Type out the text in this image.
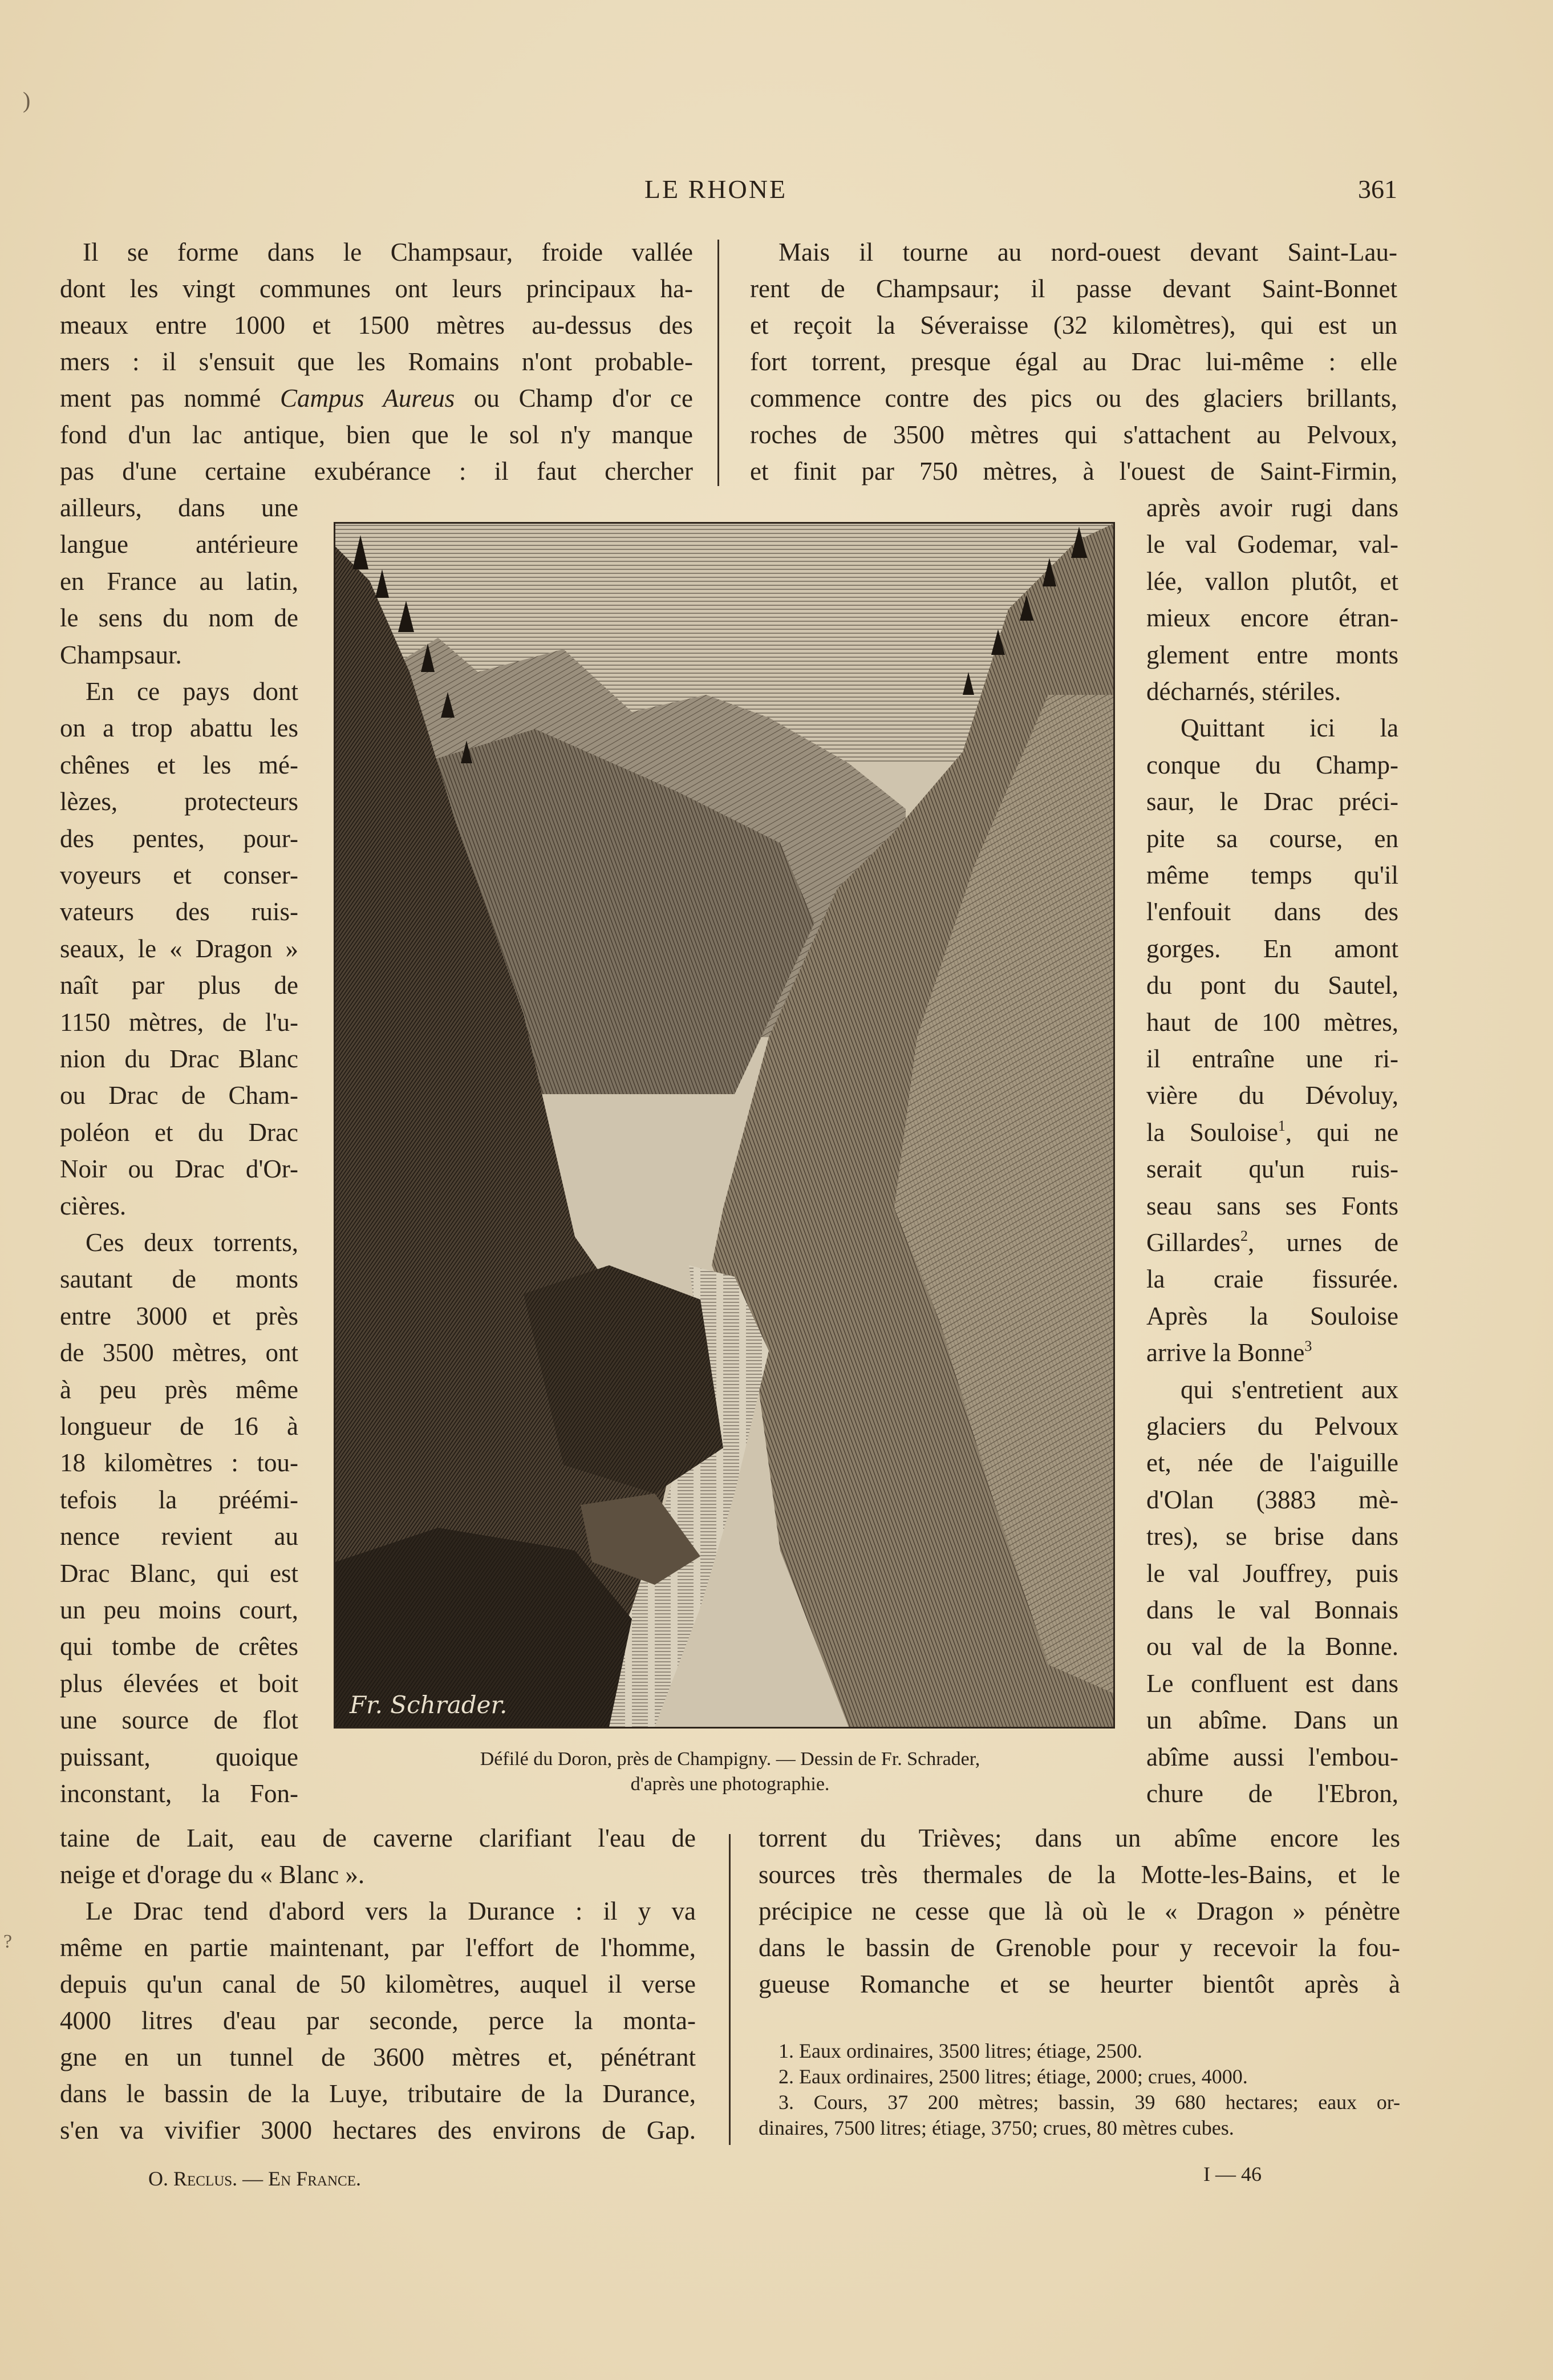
)
?
LE RHONE	361
Il se forme dans le Champsaur, froide vallée
dont les vingt communes ont leurs principaux ha-
meaux entre 1000 et 1500 mètres au-dessus des
mers : il s'ensuit que les Romains n'ont probable-
ment pas nommé Campus Aureus ou Champ d'or ce
fond d'un lac antique, bien que le sol n'y manque
pas d'une certaine exubérance : il faut chercher
ailleurs, dans une
langue antérieure
en France au latin,
le sens du nom de
Champsaur.
En ce pays dont
on a trop abattu les
chênes et les mé-
lèzes, protecteurs
des pentes, pour-
voyeurs et conser-
vateurs des ruis-
seaux, le « Dragon »
naît par plus de
1150 mètres, de l'u-
nion du Drac Blanc
ou Drac de Cham-
poléon et du Drac
Noir ou Drac d'Or-
cières.
Ces deux torrents,
sautant de monts
entre 3000 et près
de 3500 mètres, ont
à peu près même
longueur de 16 à
18 kilomètres : tou-
tefois la préémi-
nence revient au
Drac Blanc, qui est
un peu moins court,
qui tombe de crêtes
plus élevées et boit
une source de flot
puissant, quoique
inconstant, la Fon-
taine de Lait, eau de caverne clarifiant l'eau de
neige et d'orage du « Blanc ».
Le Drac tend d'abord vers la Durance : il y va
même en partie maintenant, par l'effort de l'homme,
depuis qu'un canal de 50 kilomètres, auquel il verse
4000 litres d'eau par seconde, perce la monta-
gne en un tunnel de 3600 mètres et, pénétrant
dans le bassin de la Luye, tributaire de la Durance,
s'en va vivifier 3000 hectares des environs de Gap.
Mais il tourne au nord-ouest devant Saint-Lau-
rent de Champsaur; il passe devant Saint-Bonnet
et reçoit la Séveraisse (32 kilomètres), qui est un
fort torrent, presque égal au Drac lui-même : elle
commence contre des pics ou des glaciers brillants,
roches de 3500 mètres qui s'attachent au Pelvoux,
et finit par 750 mètres, à l'ouest de Saint-Firmin,
après avoir rugi dans
le val Godemar, val-
lée, vallon plutôt, et
mieux encore étran-
glement entre monts
décharnés, stériles.
Quittant ici la
conque du Champ-
saur, le Drac préci-
pite sa course, en
même temps qu'il
l'enfouit dans des
gorges. En amont
du pont du Sautel,
haut de 100 mètres,
il entraîne une ri-
vière du Dévoluy,
la Souloise$^1$, qui ne
serait qu'un ruis-
seau sans ses Fonts
Gillardes$^2$, urnes de
la craie fissurée.
Après la Souloise
arrive la Bonne$^3$
qui s'entretient aux
glaciers du Pelvoux
et, née de l'aiguille
d'Olan (3883 mè-
tres), se brise dans
le val Jouffrey, puis
dans le val Bonnais
ou val de la Bonne.
Le confluent est dans
un abîme. Dans un
abîme aussi l'embou-
chure de l'Ebron,
torrent du Trièves; dans un abîme encore les
sources très thermales de la Motte-les-Bains, et le
précipice ne cesse que là où le « Dragon » pénètre
dans le bassin de Grenoble pour y recevoir la fou-
gueuse Romanche et se heurter bientôt après à
1. Eaux ordinaires, 3500 litres; étiage, 2500.
2. Eaux ordinaires, 2500 litres; étiage, 2000; crues, 4000.
3. Cours, 37 200 mètres; bassin, 39 680 hectares; eaux or-
dinaires, 7500 litres; étiage, 3750; crues, 80 mètres cubes.
O. Reclus. — En France.	I — 46
Fr. Schrader.
Défilé du Doron, près de Champigny. — Dessin de Fr. Schrader,
d'après une photographie.
